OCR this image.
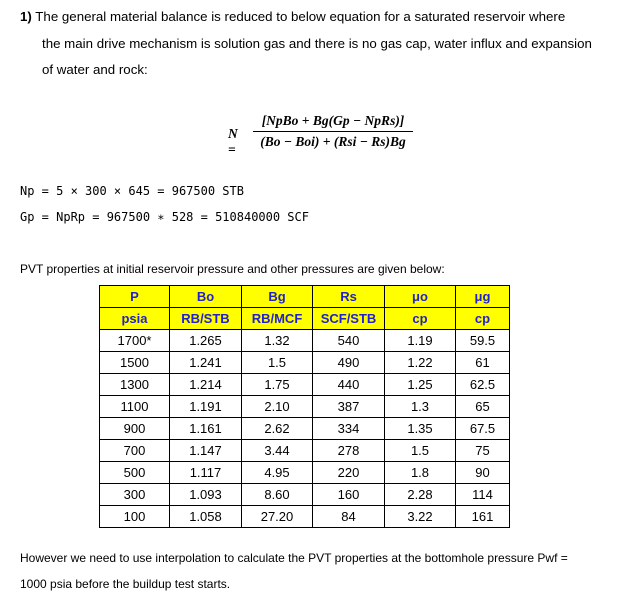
1) The general material balance is reduced to below equation for a saturated reservoir where
the main drive mechanism is solution gas and there is no gas cap, water influx and expansion
of water and rock:
N =
[NpBo + Bg(Gp − NpRs)]
(Bo − Boi) + (Rsi − Rs)Bg
Np = 5 × 300 × 645 = 967500 STB
Gp = NpRp = 967500 ∗ 528 = 510840000 SCF
PVT properties at initial reservoir pressure and other pressures are given below:
P	Bo	Bg	Rs	μo	μg
psia	RB/STB	RB/MCF	SCF/STB	cp	cp
1700*	1.265	1.32	540	1.19	59.5
1500	1.241	1.5	490	1.22	61
1300	1.214	1.75	440	1.25	62.5
1100	1.191	2.10	387	1.3	65
900	1.161	2.62	334	1.35	67.5
700	1.147	3.44	278	1.5	75
500	1.117	4.95	220	1.8	90
300	1.093	8.60	160	2.28	114
100	1.058	27.20	84	3.22	161
However we need to use interpolation to calculate the PVT properties at the bottomhole pressure Pwf =
1000 psia before the buildup test starts.
